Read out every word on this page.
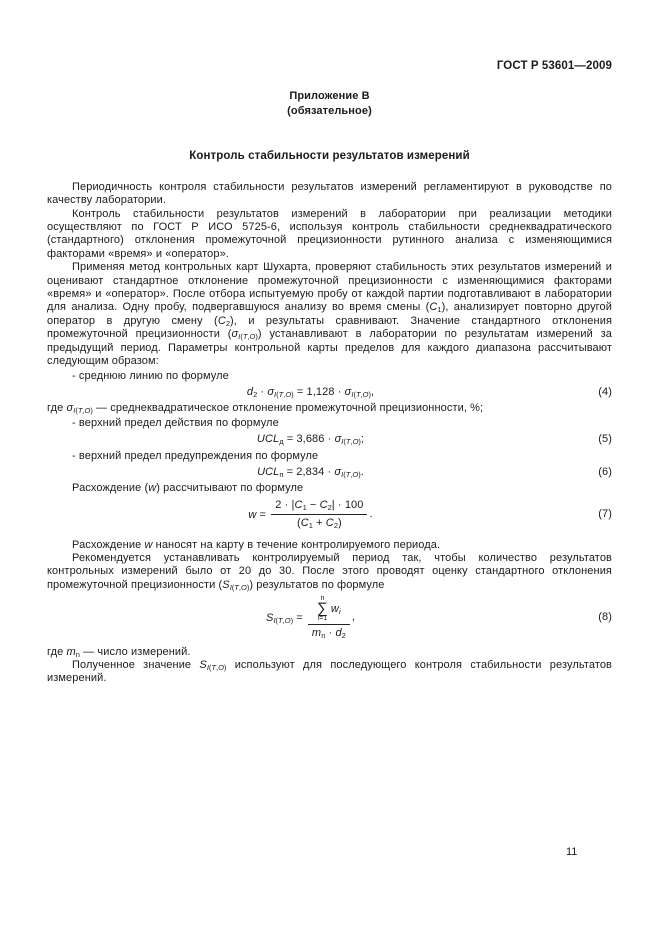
ГОСТ Р 53601—2009
Приложение В
(обязательное)
Контроль стабильности результатов измерений

Периодичность контроля стабильности результатов измерений регламентируют в руководстве по качеству лаборатории.

Контроль стабильности результатов измерений в лаборатории при реализации методики осуществляют по ГОСТ Р ИСО 5725-6, используя контроль стабильности среднеквадратического (стандартного) отклонения промежуточной прецизионности рутинного анализа с изменяющимися факторами «время» и «оператор».

Применяя метод контрольных карт Шухарта, проверяют стабильность этих результатов измерений и оценивают стандартное отклонение промежуточной прецизионности с изменяющимися факторами «время» и «оператор». После отбора испытуемую пробу от каждой партии подготавливают в лаборатории для анализа. Одну пробу, подвергавшуюся анализу во время смены $(C_1)$, анализирует повторно другой оператор в другую смену $(C_2)$, и результаты сравнивают. Значение стандартного отклонения промежуточной прецизионности $(\sigma_{I(T,O)})$ устанавливают в лаборатории по результатам измерений за предыдущий период. Параметры контрольной карты пределов для каждого диапазона рассчитывают следующим образом:

- среднюю линию по формуле

$d_2 \cdot \sigma_{I(T,O)} = 1,128 \cdot \sigma_{I(T,O)}$,	(4)

где $\sigma_{I(T,O)}$ — среднеквадратическое отклонение промежуточной прецизионности, %;

- верхний предел действия по формуле

$UCL_д = 3,686 \cdot \sigma_{I(T,O)}$;	(5)

- верхний предел предупреждения по формуле

$UCL_п = 2,834 \cdot \sigma_{I(T,O)}$.	(6)

Расхождение (w) рассчитывают по формуле

$w = \frac{2 \cdot |C_1 - C_2| \cdot 100}{(C_1 + C_2)}$ .	(7)

Расхождение w наносят на карту в течение контролируемого периода.

Рекомендуется устанавливать контролируемый период так, чтобы количество результатов контрольных измерений было от 20 до 30. После этого проводят оценку стандартного отклонения промежуточной прецизионности $(S_{I(T,O)})$ результатов по формуле

$S_{I(T,O)} = n$
∑
i=1
$w_i$
$m_n \cdot d_2$ ,	(8)

где $m_n$ — число измерений.

Полученное значение $S_{I(T,O)}$ используют для последующего контроля стабильности результатов измерений.

11
